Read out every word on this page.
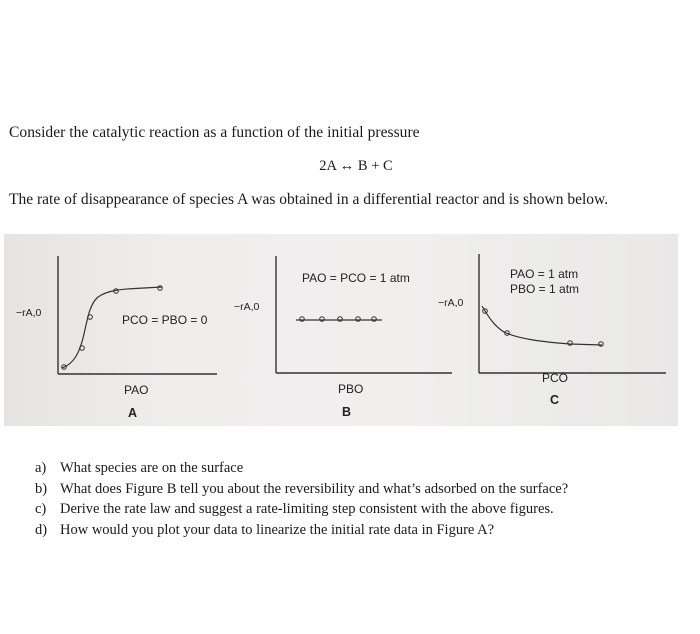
Consider the catalytic reaction as a function of the initial pressure
2A ↔ B + C
The rate of disappearance of species A was obtained in a differential reactor and is shown below.
−rA,0	PCO = PBO = 0
PAO
A
−rA,0
PAO = PCO = 1 atm
PBO
B
−rA,0
PAO = 1 atm
PBO = 1 atm
PCO
C
a) What species are on the surface
b) What does Figure B tell you about the reversibility and what’s adsorbed on the surface?
c) Derive the rate law and suggest a rate-limiting step consistent with the above figures.
d) How would you plot your data to linearize the initial rate data in Figure A?
